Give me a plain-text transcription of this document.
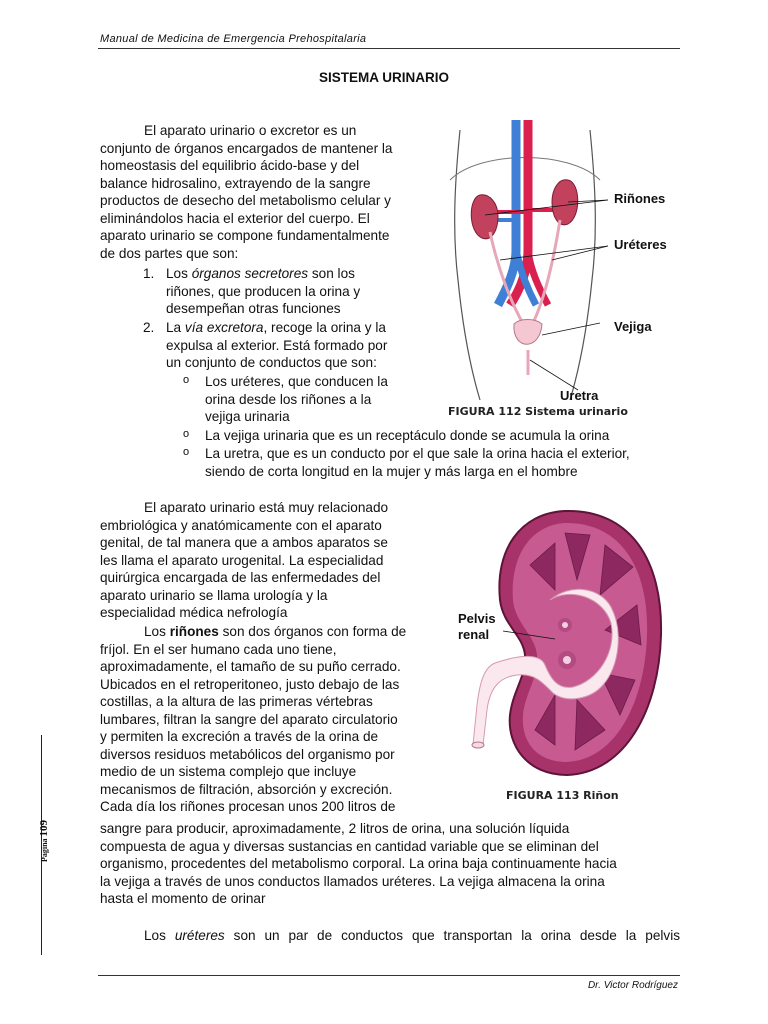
Manual de Medicina de Emergencia Prehospitalaria
SISTEMA URINARIO
El aparato urinario o excretor es un
conjunto de órganos encargados de mantener la
homeostasis del equilibrio ácido-base y del
balance hidrosalino, extrayendo de la sangre
productos de desecho del metabolismo celular y
eliminándolos hacia el exterior del cuerpo. El
aparato urinario se compone fundamentalmente
de dos partes que son:
1. Los órganos secretores son los
riñones, que producen la orina y
desempeñan otras funciones
2. La vía excretora, recoge la orina y la
expulsa al exterior. Está formado por
un conjunto de conductos que son:
o Los uréteres, que conducen la
orina desde los riñones a la
vejiga urinaria
o La vejiga urinaria que es un receptáculo donde se acumula la orina
o La uretra, que es un conducto por el que sale la orina hacia el exterior,
siendo de corta longitud en la mujer y más larga en el hombre
Riñones
Uréteres
Vejiga
Uretra
FIGURA 112 Sistema urinario
El aparato urinario está muy relacionado
embriológica y anatómicamente con el aparato
genital, de tal manera que a ambos aparatos se
les llama el aparato urogenital. La especialidad
quirúrgica encargada de las enfermedades del
aparato urinario se llama urología y la
especialidad médica nefrología
Los riñones son dos órganos con forma de
fríjol. En el ser humano cada uno tiene,
aproximadamente, el tamaño de su puño cerrado.
Ubicados en el retroperitoneo, justo debajo de las
costillas, a la altura de las primeras vértebras
lumbares, filtran la sangre del aparato circulatorio
y permiten la excreción a través de la orina de
diversos residuos metabólicos del organismo por
medio de un sistema complejo que incluye
mecanismos de filtración, absorción y excreción.
Cada día los riñones procesan unos 200 litros de
sangre para producir, aproximadamente, 2 litros de orina, una solución líquida
compuesta de agua y diversas sustancias en cantidad variable que se eliminan del
organismo, procedentes del metabolismo corporal. La orina baja continuamente hacia
la vejiga a través de unos conductos llamados uréteres. La vejiga almacena la orina
hasta el momento de orinar
Pelvis
renal
FIGURA 113 Riñon
Los uréteres son un par de conductos que transportan la orina desde la pelvis
Pagina 109
Dr. Victor Rodríguez
